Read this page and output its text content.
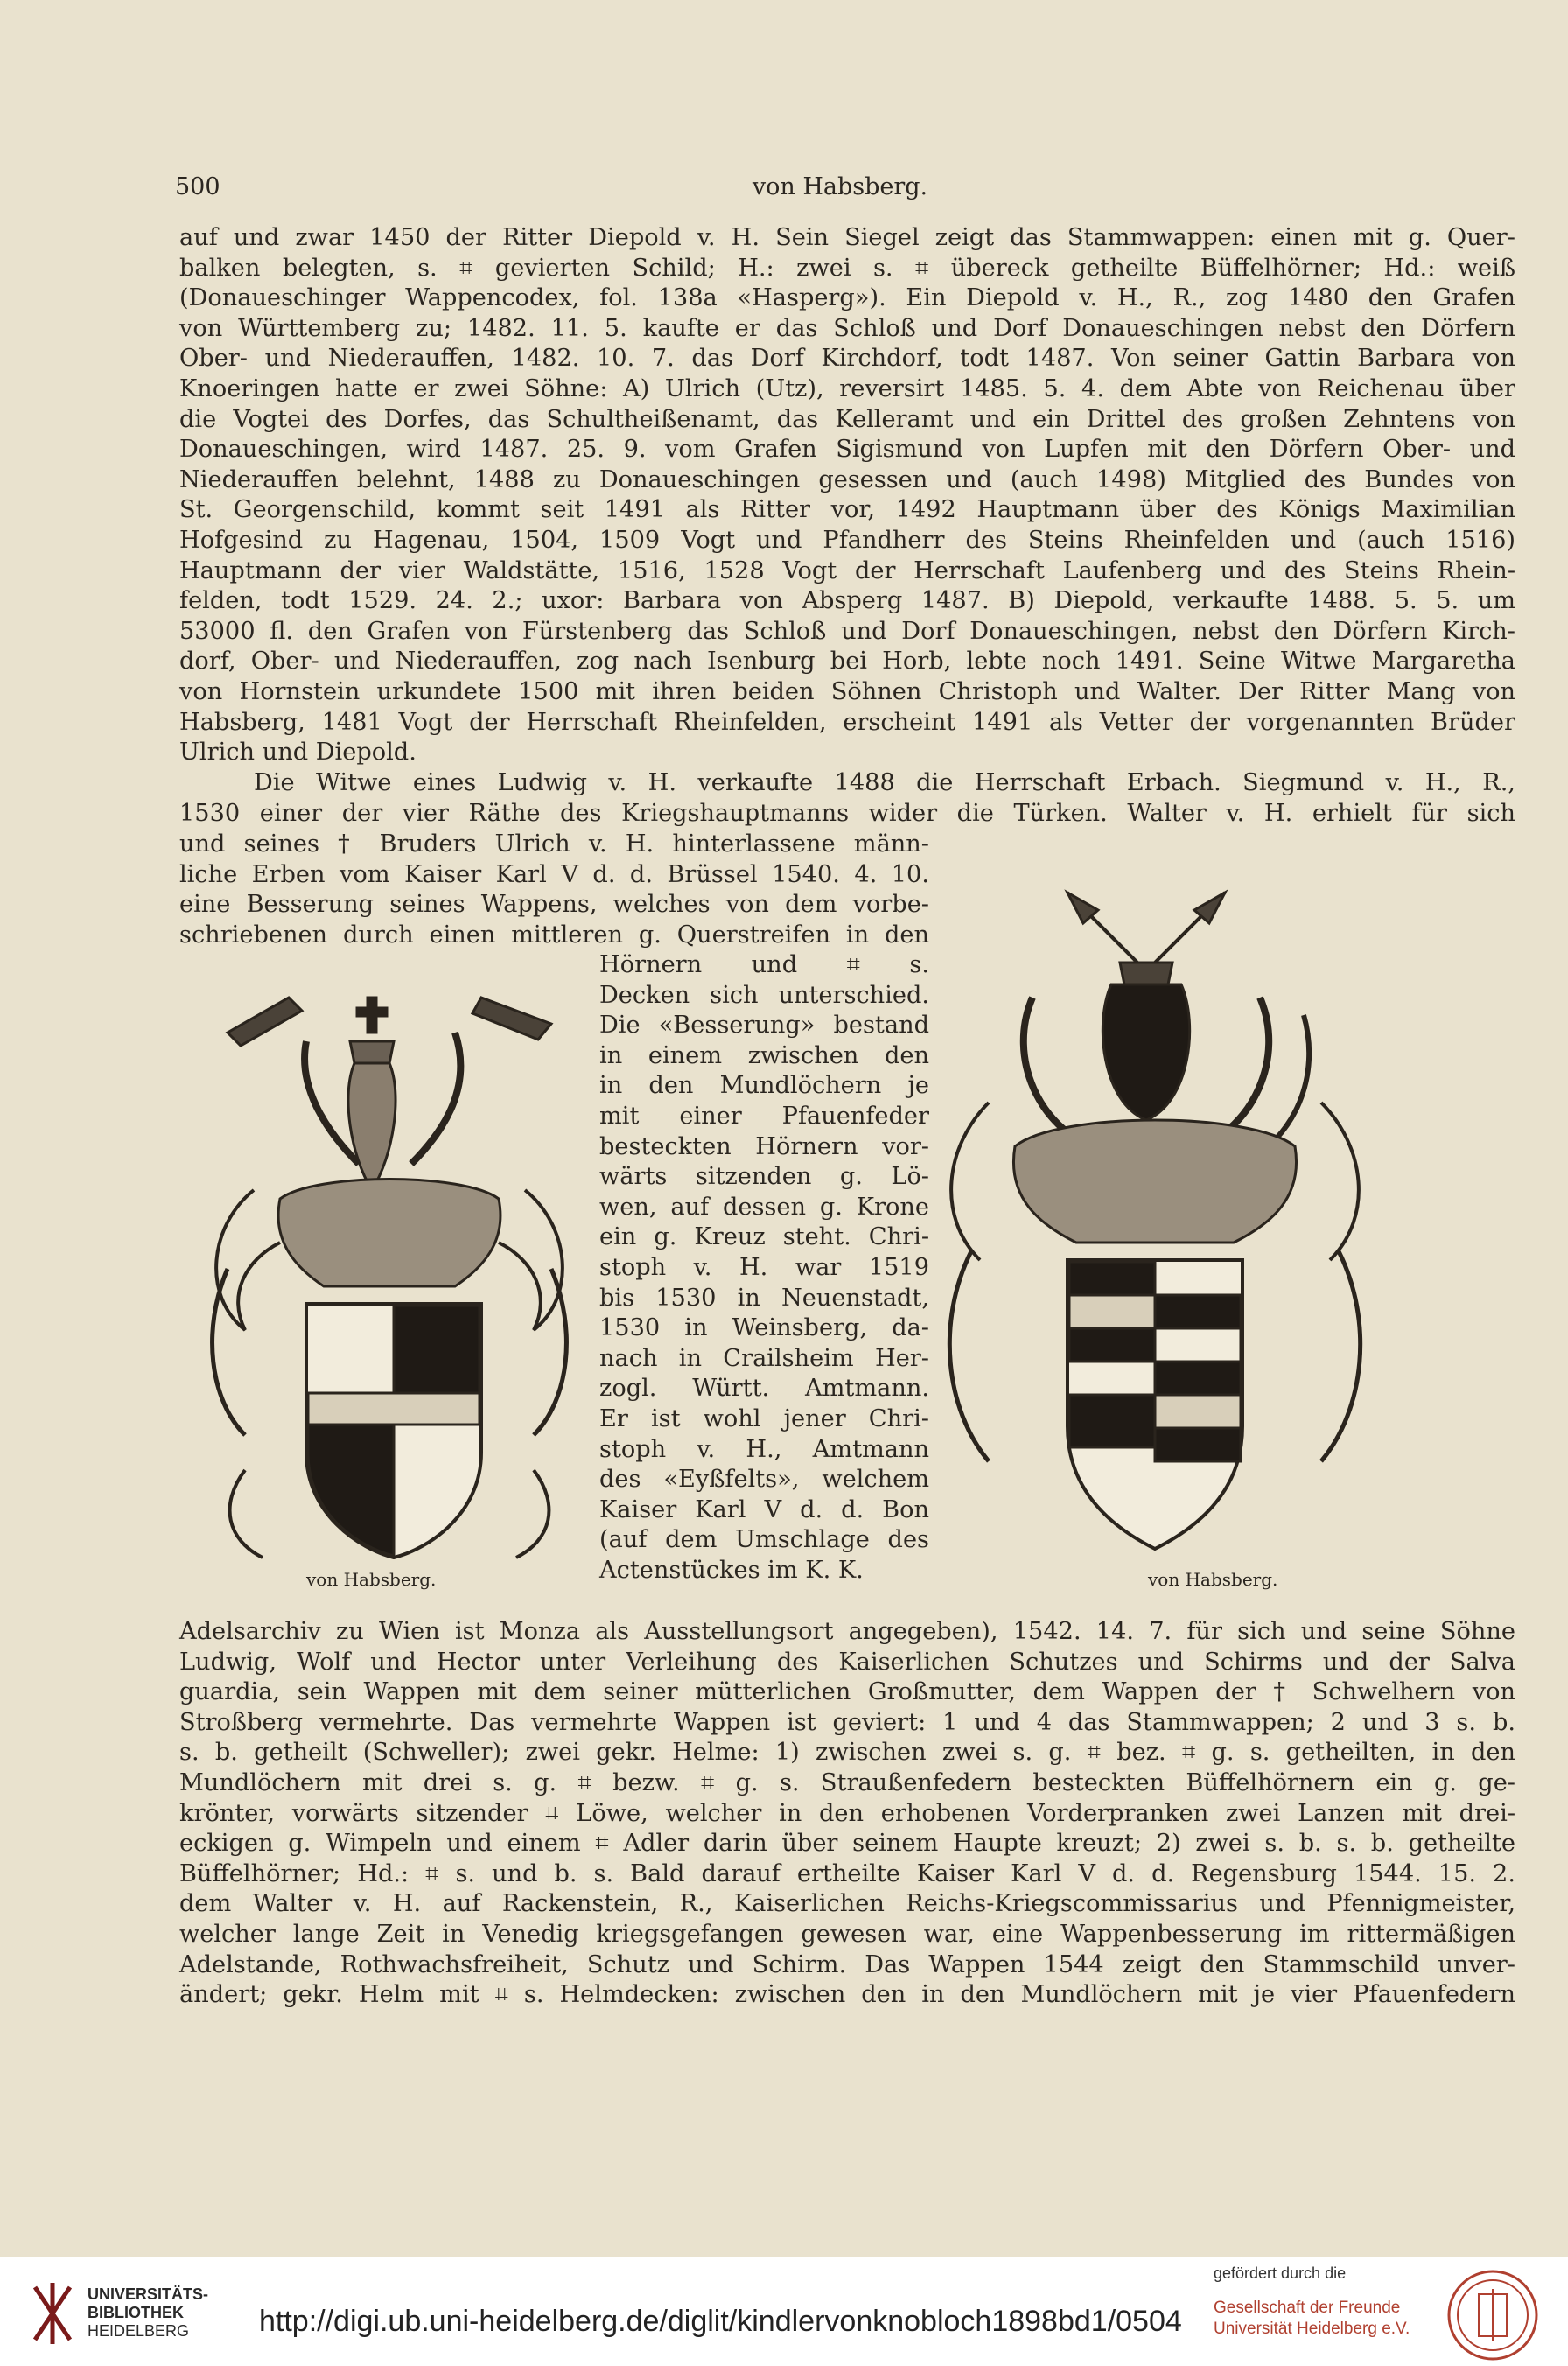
500	von Habsberg.
auf und zwar 1450 der Ritter Diepold v. H. Sein Siegel zeigt das Stammwappen: einen mit g. Quer-
balken belegten, s. ⌗ gevierten Schild; H.: zwei s. ⌗ übereck getheilte Büffelhörner; Hd.: weiß
(Donaueschinger Wappencodex, fol. 138a «Hasperg»). Ein Diepold v. H., R., zog 1480 den Grafen
von Württemberg zu; 1482. 11. 5. kaufte er das Schloß und Dorf Donaueschingen nebst den Dörfern
Ober- und Niederauffen, 1482. 10. 7. das Dorf Kirchdorf, todt 1487. Von seiner Gattin Barbara von
Knoeringen hatte er zwei Söhne: A) Ulrich (Utz), reversirt 1485. 5. 4. dem Abte von Reichenau über
die Vogtei des Dorfes, das Schultheißenamt, das Kelleramt und ein Drittel des großen Zehntens von
Donaueschingen, wird 1487. 25. 9. vom Grafen Sigismund von Lupfen mit den Dörfern Ober- und
Niederauffen belehnt, 1488 zu Donaueschingen gesessen und (auch 1498) Mitglied des Bundes von
St. Georgenschild, kommt seit 1491 als Ritter vor, 1492 Hauptmann über des Königs Maximilian
Hofgesind zu Hagenau, 1504, 1509 Vogt und Pfandherr des Steins Rheinfelden und (auch 1516)
Hauptmann der vier Waldstätte, 1516, 1528 Vogt der Herrschaft Laufenberg und des Steins Rhein-
felden, todt 1529. 24. 2.; uxor: Barbara von Absperg 1487. B) Diepold, verkaufte 1488. 5. 5. um
53000 fl. den Grafen von Fürstenberg das Schloß und Dorf Donaueschingen, nebst den Dörfern Kirch-
dorf, Ober- und Niederauffen, zog nach Isenburg bei Horb, lebte noch 1491. Seine Witwe Margaretha
von Hornstein urkundete 1500 mit ihren beiden Söhnen Christoph und Walter. Der Ritter Mang von
Habsberg, 1481 Vogt der Herrschaft Rheinfelden, erscheint 1491 als Vetter der vorgenannten Brüder
Ulrich und Diepold.
Die Witwe eines Ludwig v. H. verkaufte 1488 die Herrschaft Erbach. Siegmund v. H., R.,
1530 einer der vier Räthe des Kriegshauptmanns wider die Türken. Walter v. H. erhielt für sich
und seines † Bruders Ulrich v. H. hinterlassene männ-
liche Erben vom Kaiser Karl V d. d. Brüssel 1540. 4. 10.
eine Besserung seines Wappens, welches von dem vorbe-
schriebenen durch einen mittleren g. Querstreifen in den
Hörnern und ⌗ s.
Decken sich unterschied.
Die «Besserung» bestand
in einem zwischen den
in den Mundlöchern je
mit einer Pfauenfeder
besteckten Hörnern vor-
wärts sitzenden g. Lö-
wen, auf dessen g. Krone
ein g. Kreuz steht. Chri-
stoph v. H. war 1519
bis 1530 in Neuenstadt,
1530 in Weinsberg, da-
nach in Crailsheim Her-
zogl. Württ. Amtmann.
Er ist wohl jener Chri-
stoph v. H., Amtmann
des «Eyßfelts», welchem
Kaiser Karl V d. d. Bon
(auf dem Umschlage des
Actenstückes im K. K.
von Habsberg.	von Habsberg.
Adelsarchiv zu Wien ist Monza als Ausstellungsort angegeben), 1542. 14. 7. für sich und seine Söhne
Ludwig, Wolf und Hector unter Verleihung des Kaiserlichen Schutzes und Schirms und der Salva
guardia, sein Wappen mit dem seiner mütterlichen Großmutter, dem Wappen der † Schwelhern von
Stroßberg vermehrte. Das vermehrte Wappen ist geviert: 1 und 4 das Stammwappen; 2 und 3 s. b.
s. b. getheilt (Schweller); zwei gekr. Helme: 1) zwischen zwei s. g. ⌗ bez. ⌗ g. s. getheilten, in den
Mundlöchern mit drei s. g. ⌗ bezw. ⌗ g. s. Straußenfedern besteckten Büffelhörnern ein g. ge-
krönter, vorwärts sitzender ⌗ Löwe, welcher in den erhobenen Vorderpranken zwei Lanzen mit drei-
eckigen g. Wimpeln und einem ⌗ Adler darin über seinem Haupte kreuzt; 2) zwei s. b. s. b. getheilte
Büffelhörner; Hd.: ⌗ s. und b. s. Bald darauf ertheilte Kaiser Karl V d. d. Regensburg 1544. 15. 2.
dem Walter v. H. auf Rackenstein, R., Kaiserlichen Reichs-Kriegscommissarius und Pfennigmeister,
welcher lange Zeit in Venedig kriegsgefangen gewesen war, eine Wappenbesserung im rittermäßigen
Adelstande, Rothwachsfreiheit, Schutz und Schirm. Das Wappen 1544 zeigt den Stammschild unver-
ändert; gekr. Helm mit ⌗ s. Helmdecken: zwischen den in den Mundlöchern mit je vier Pfauenfedern
UNIVERSITÄTS-
BIBLIOTHEK
HEIDELBERG	http://digi.ub.uni-heidelberg.de/diglit/kindlervonknobloch1898bd1/0504
gefördert durch die
Gesellschaft der Freunde
Universität Heidelberg e.V.
